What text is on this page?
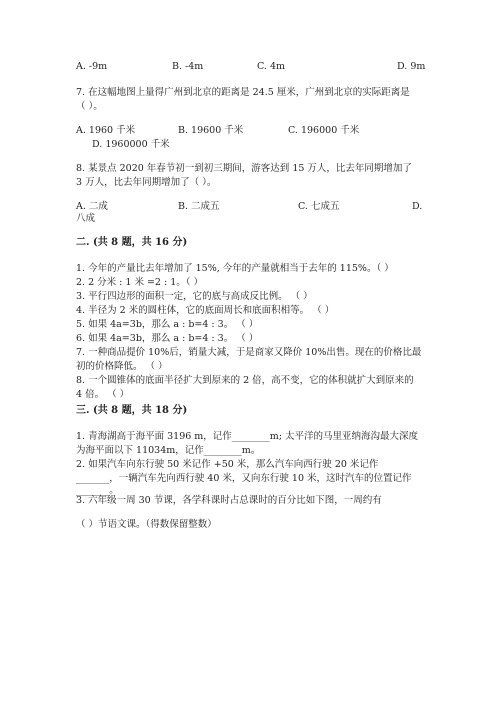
A. -9m	B. -4m	C. 4m	D. 9m
7. 在这幅地图上量得广州到北京的距离是 24.5 厘米，广州到北京的实际距离是
（ ）。
A. 1960 千米	B. 19600 千米	C. 196000 千米
D. 1960000 千米
8. 某景点 2020 年春节初一到初三期间，游客达到 15 万人，比去年同期增加了
3 万人，比去年同期增加了（ ）。
A. 二成	B. 二成五	C. 七成五	D.
八成
二. (共 8 题，共 16 分)
1. 今年的产量比去年增加了 15%, 今年的产量就相当于去年的 115%。（ ）
2. 2 分米 : 1 米 =2 : 1。（ ）
3. 平行四边形的面积一定，它的底与高成反比例。 （ ）
4. 半径为 2 米的圆柱体，它的底面周长和底面积相等。 （ ）
5. 如果 4a=3b，那么 a : b=4 : 3。 （ ）
6. 如果 4a=3b，那么 a : b=4 : 3。 （ ）
7. 一种商品提价 10%后，销量大减，于是商家又降价 10%出售。现在的价格比最
初的价格降低。 （ ）
8. 一个圆锥体的底面半径扩大到原来的 2 倍，高不变，它的体积就扩大到原来的
4 倍。 （ ）
三. (共 8 题，共 18 分)
1. 青海湖高于海平面 3196 m，记作________m; 太平洋的马里亚纳海沟最大深度
为海平面以下 11034m，记作________m。
2. 如果汽车向东行驶 50 米记作 +50 米，那么汽车向西行驶 20 米记作
_______，一辆汽车先向西行驶 40 米，又向东行驶 10 米，这时汽车的位置记作
_______。
3. 六年级一周 30 节课，各学科课时占总课时的百分比如下图，一周约有
（ ）节语文课。（得数保留整数）
